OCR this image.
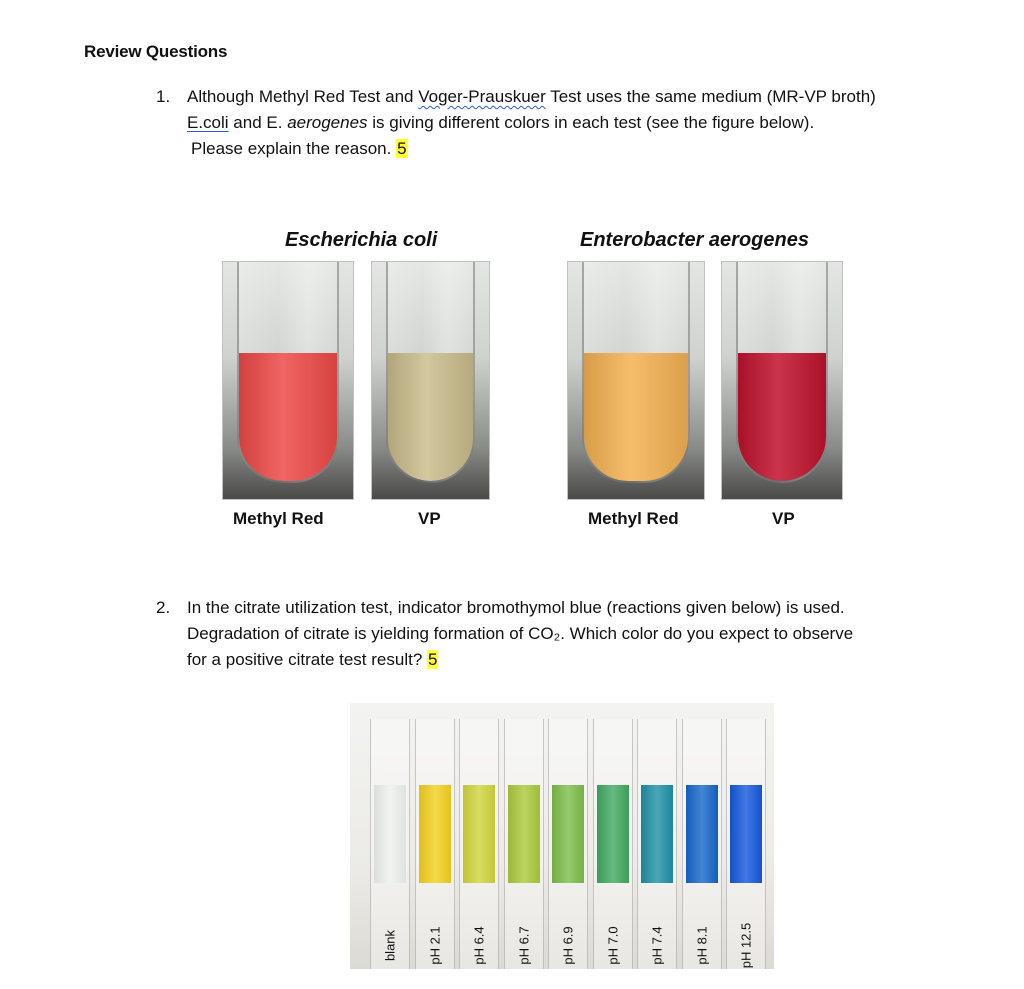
Review Questions
1. Although Methyl Red Test and Voger-Prauskuer Test uses the same medium (MR-VP broth)
E.coli and E. aerogenes is giving different colors in each test (see the figure below).
Please explain the reason. 5
Escherichia coli	Enterobacter aerogenes
Methyl Red	VP	Methyl Red	VP
2. In the citrate utilization test, indicator bromothymol blue (reactions given below) is used.
Degradation of citrate is yielding formation of CO₂. Which color do you expect to observe
for a positive citrate test result? 5
blank pH 2.1 pH 6.4 pH 6.7 pH 6.9 pH 7.0 pH 7.4 pH 8.1 pH 12.5
